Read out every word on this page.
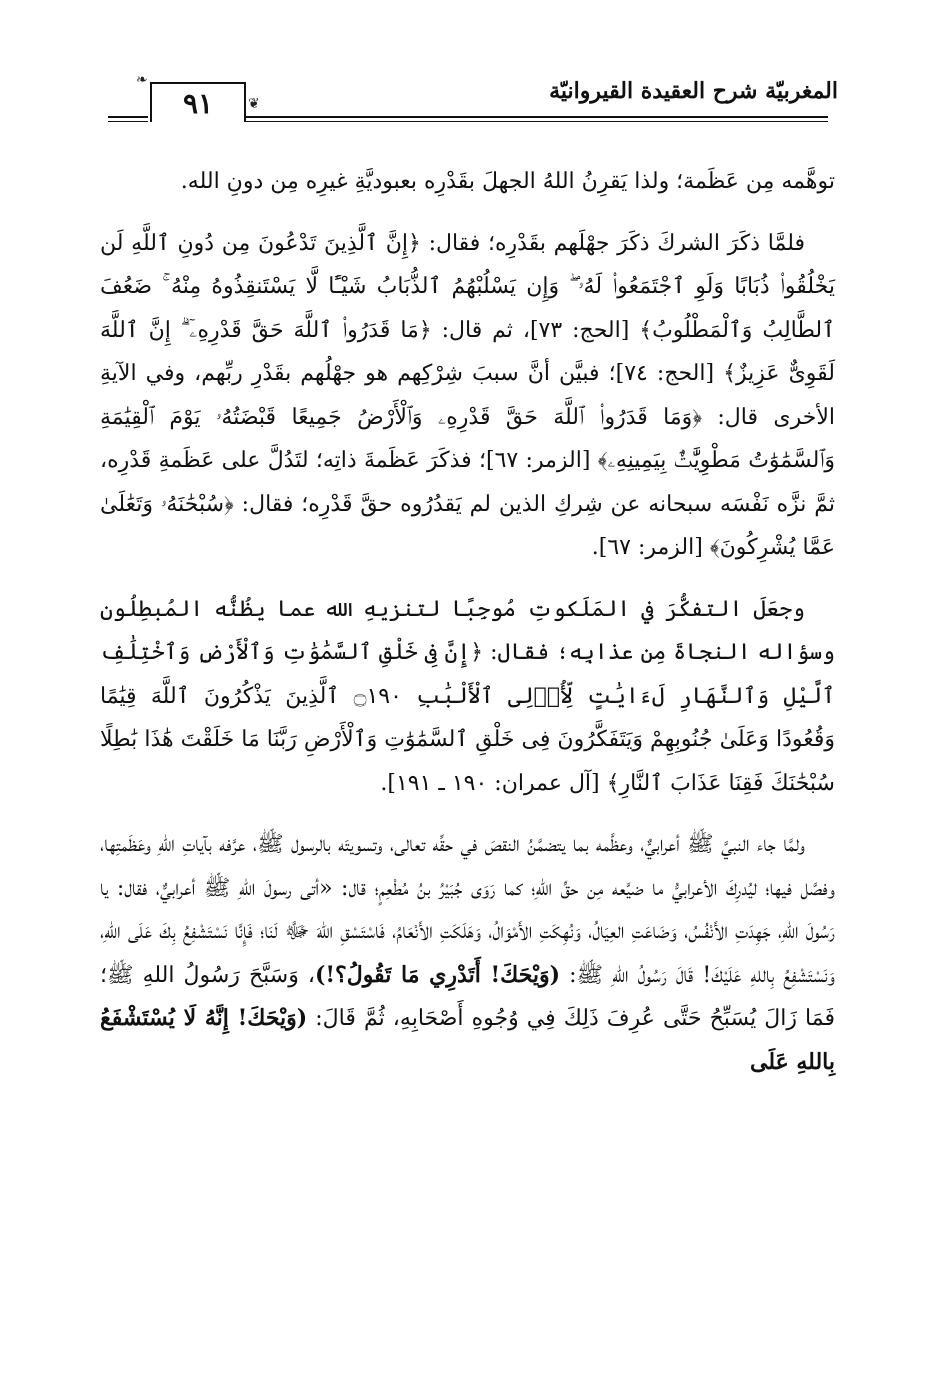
المغربيّة شرح العقيدة القيروانيّة
٩١	❦
❧

توهَّمه مِن عَظَمة؛ ولذا يَقرِنُ اللهُ الجهلَ بقَدْرِه بعبوديَّةِ غيرِه مِن دونِ الله.

فلمَّا ذكَرَ الشركَ ذكَرَ جهْلَهم بقَدْرِه؛ فقال: ﴿إِنَّ ٱلَّذِينَ تَدْعُونَ مِن دُونِ ٱللَّهِ لَن يَخْلُقُوا۟ ذُبَابًا وَلَوِ ٱجْتَمَعُوا۟ لَهُۥ ۖ وَإِن يَسْلُبْهُمُ ٱلذُّبَابُ شَيْـًٔا لَّا يَسْتَنقِذُوهُ مِنْهُ ۚ ضَعُفَ ٱلطَّالِبُ وَٱلْمَطْلُوبُ﴾ [الحج: ٧٣]، ثم قال: ﴿مَا قَدَرُوا۟ ٱللَّهَ حَقَّ قَدْرِهِۦٓ ۗ إِنَّ ٱللَّهَ لَقَوِىٌّ عَزِيزٌ﴾ [الحج: ٧٤]؛ فبيَّن أنَّ سببَ شِرْكِهم هو جهْلُهم بقَدْرِ ربِّهم، وفي الآيةِ الأخرى قال: ﴿وَمَا قَدَرُوا۟ ٱللَّهَ حَقَّ قَدْرِهِۦ وَٱلْأَرْضُ جَمِيعًا قَبْضَتُهُۥ يَوْمَ ٱلْقِيَٰمَةِ وَٱلسَّمَٰوَٰتُ مَطْوِيَّٰتٌۢ بِيَمِينِهِۦ﴾ [الزمر: ٦٧]؛ فذكَرَ عَظَمةَ ذاتِه؛ لتَدُلَّ على عَظَمةِ قَدْرِه، ثمَّ نزَّه نَفْسَه سبحانه عن شِركِ الذين لم يَقدُرُوه حقَّ قَدْرِه؛ فقال: ﴿سُبْحَٰنَهُۥ وَتَعَٰلَىٰ عَمَّا يُشْرِكُونَ﴾ [الزمر: ٦٧].

وجعَلَ التفكُّرَ في المَلَكوتِ مُوجِبًا لتنزيهِ الله عما يظُنُّه المُبطِلُون وسؤاله النجاةَ مِن عذابِه؛ فقال: ﴿إِنَّ فِى خَلْقِ ٱلسَّمَٰوَٰتِ وَٱلْأَرْضِ وَٱخْتِلَٰفِ ٱلَّيْلِ وَٱلنَّهَارِ لَءَايَٰتٍ لِّأُو۟لِى ٱلْأَلْبَٰبِ ۝١٩٠ ٱلَّذِينَ يَذْكُرُونَ ٱللَّهَ قِيَٰمًا وَقُعُودًا وَعَلَىٰ جُنُوبِهِمْ وَيَتَفَكَّرُونَ فِى خَلْقِ ٱلسَّمَٰوَٰتِ وَٱلْأَرْضِ رَبَّنَا مَا خَلَقْتَ هَٰذَا بَٰطِلًا سُبْحَٰنَكَ فَقِنَا عَذَابَ ٱلنَّارِ﴾ [آل عمران: ١٩٠ ـ ١٩١].

ولمَّا جاء النبيَّ ﷺ أعرابيٌّ، وعظَّمه بما يتضمَّنُ النقصَ في حقِّه تعالى، وتسويتَه بالرسول ﷺ، عرَّفه بآياتِ اللهِ وعَظَمتِها، وفصَّل فيها؛ ليُدرِكَ الأعرابيُّ ما ضيَّعه مِن حقِّ اللهِ؛ كما رَوَى جُبَيْرُ بنُ مُطْعِمٍ؛ قال: «أتى رسولَ اللهِ ﷺ أعرابيٌّ، فقال: يا رَسُولَ اللهِ، جَهِدَتِ الأَنْفُسُ، وَضَاعَتِ العِيَالُ، وَنُهِكَتِ الأَمْوَالُ، وَهَلَكَتِ الأَنْعَامُ، فَاسْتَسْقِ اللهَ ﷻ لَنَا؛ فَإِنَّا نَسْتَشْفِعُ بِكَ عَلَى اللهِ، وَنَسْتَشْفِعُ بِاللهِ عَلَيْكَ! قَالَ رَسُولُ اللهِ ﷺ: (وَيْحَكَ! أَتَدْرِي مَا تَقُولُ؟!)، وَسَبَّحَ رَسُولُ اللهِ ﷺ؛ فَمَا زَالَ يُسَبِّحُ حَتَّى عُرِفَ ذَلِكَ فِي وُجُوهِ أَصْحَابِهِ، ثُمَّ قَالَ: (وَيْحَكَ! إِنَّهُ لَا يُسْتَشْفَعُ بِاللهِ عَلَى
